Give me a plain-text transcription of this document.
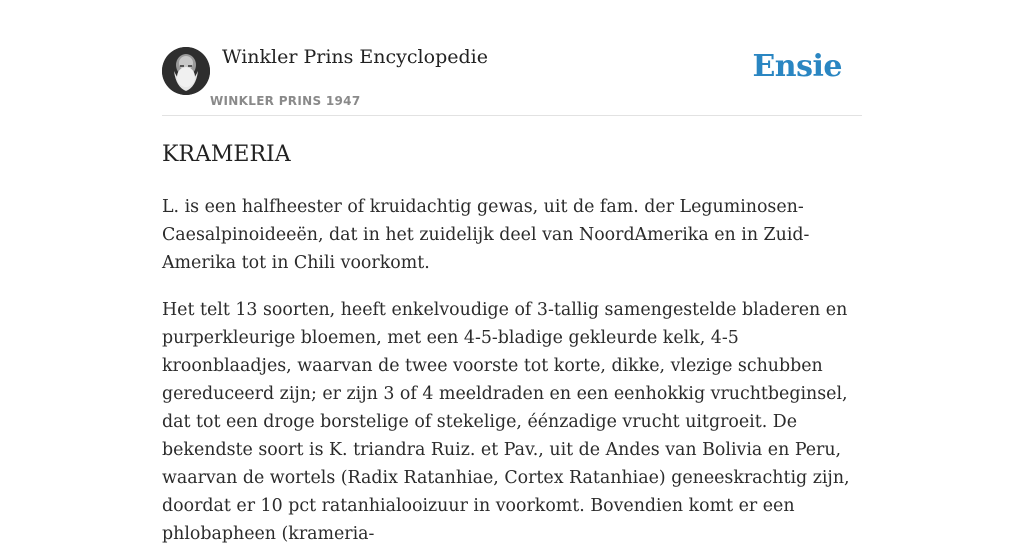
Winkler Prins Encyclopedie
WINKLER PRINS 1947
Ensie
KRAMERIA

L. is een halfheester of kruidachtig gewas, uit de fam. der Leguminosen-Caesalpinoideeën, dat in het zuidelijk deel van NoordAmerika en in Zuid-Amerika tot in Chili voorkomt.

Het telt 13 soorten, heeft enkelvoudige of 3-tallig samengestelde bladeren en purperkleurige bloemen, met een 4-5-bladige gekleurde kelk, 4-5 kroonblaadjes, waarvan de twee voorste tot korte, dikke, vlezige schubben gereduceerd zijn; er zijn 3 of 4 meeldraden en een eenhokkig vruchtbeginsel, dat tot een droge borstelige of stekelige, éénzadige vrucht uitgroeit. De bekendste soort is K. triandra Ruiz. et Pav., uit de Andes van Bolivia en Peru, waarvan de wortels (Radix Ratanhiae, Cortex Ratanhiae) geneeskrachtig zijn, doordat er 10 pct ratanhialooizuur in voorkomt. Bovendien komt er een phlobapheen (krameria-
